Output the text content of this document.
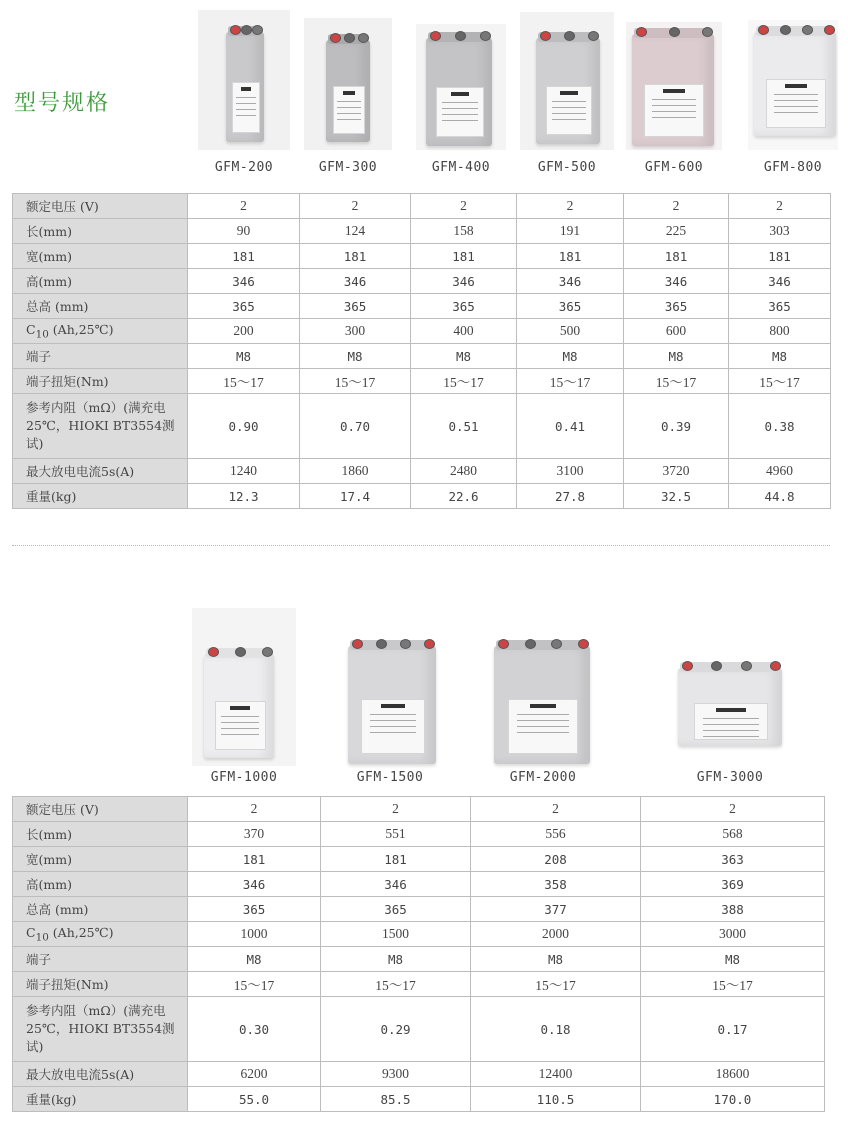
型号规格
GFM-200	GFM-300	GFM-400	GFM-500	GFM-600	GFM-800
额定电压 (V)	2	2	2	2	2	2
长(mm)	90	124	158	191	225	303
宽(mm)	181	181	181	181	181	181
高(mm)	346	346	346	346	346	346
总高 (mm)	365	365	365	365	365	365
$C_{10}$ (Ah,25℃)	200	300	400	500	600	800
端子	M8	M8	M8	M8	M8	M8
端子扭矩(Nm)	15～17	15～17	15～17	15～17	15～17	15～17
参考内阻（mΩ）(满充电25℃，HIOKI BT3554测试)	0.90	0.70	0.51	0.41	0.39	0.38
最大放电电流5s(A)	1240	1860	2480	3100	3720	4960
重量(kg)	12.3	17.4	22.6	27.8	32.5	44.8
GFM-1000	GFM-1500	GFM-2000	GFM-3000
额定电压 (V)	2	2	2	2
长(mm)	370	551	556	568
宽(mm)	181	181	208	363
高(mm)	346	346	358	369
总高 (mm)	365	365	377	388
$C_{10}$ (Ah,25℃)	1000	1500	2000	3000
端子	M8	M8	M8	M8
端子扭矩(Nm)	15～17	15～17	15～17	15～17
参考内阻（mΩ）(满充电25℃，HIOKI BT3554测试)	0.30	0.29	0.18	0.17
最大放电电流5s(A)	6200	9300	12400	18600
重量(kg)	55.0	85.5	110.5	170.0
